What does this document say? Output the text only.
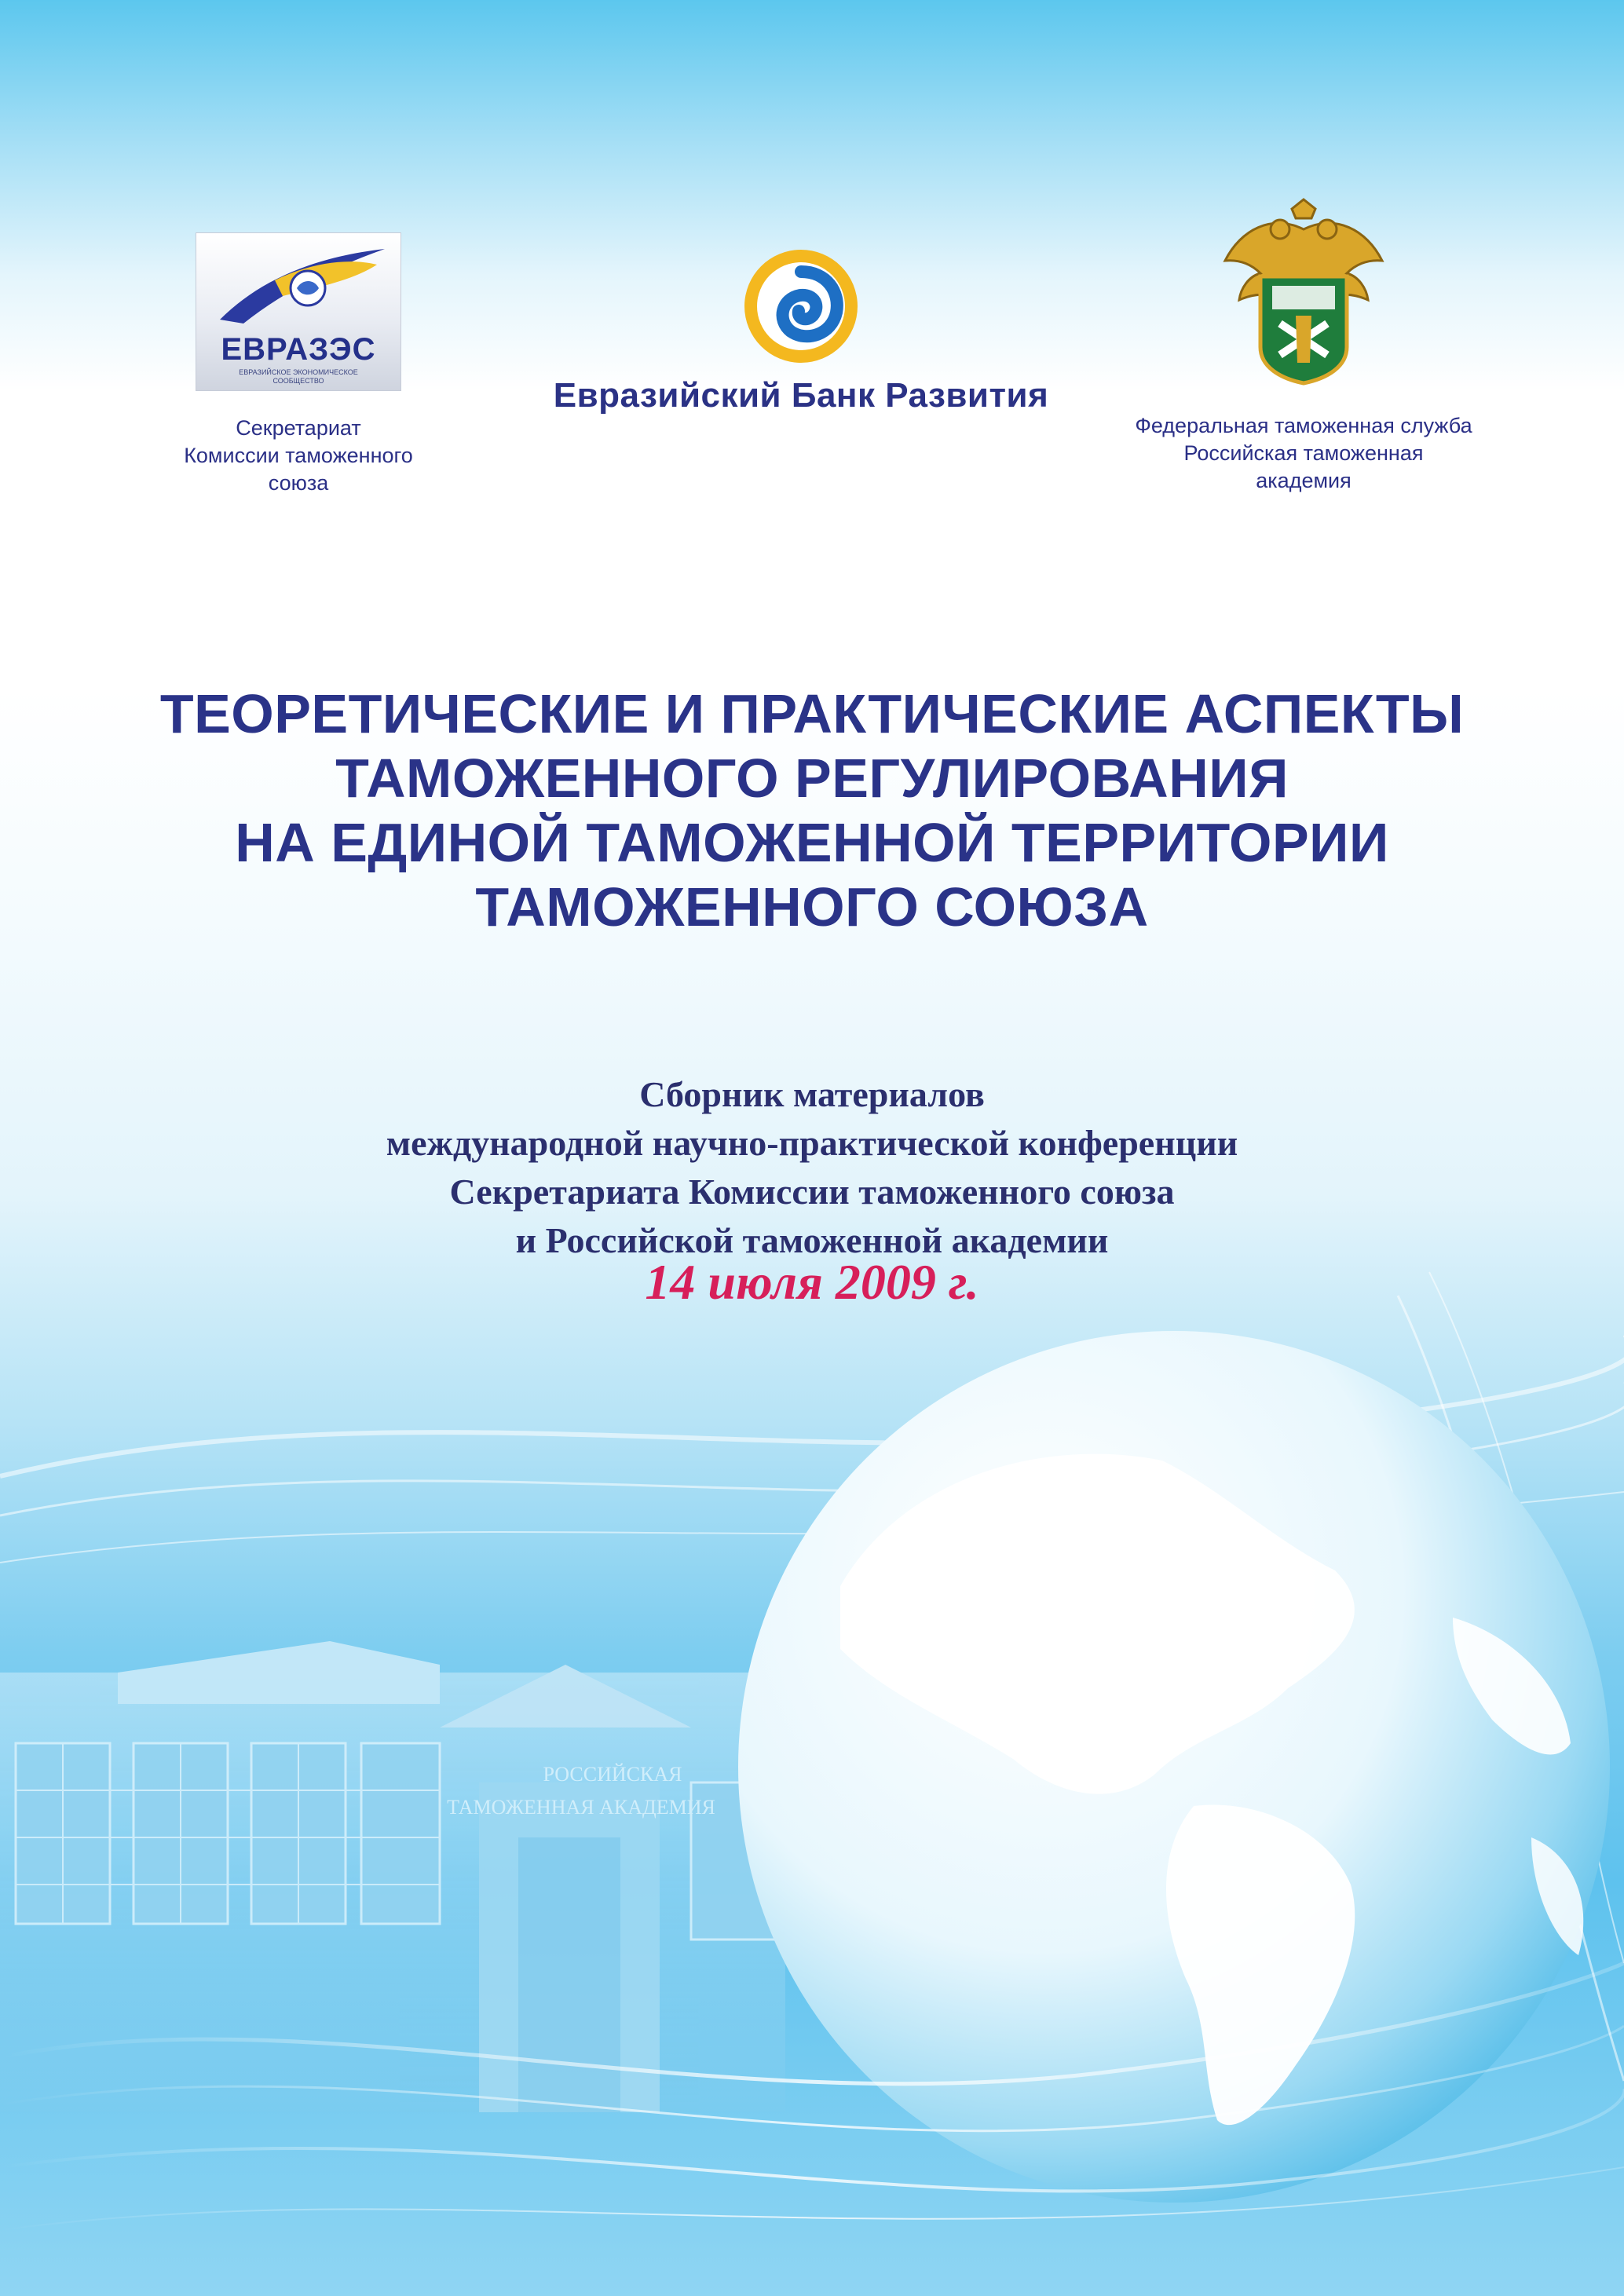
РОССИЙСКАЯ
ТАМОЖЕННАЯ АКАДЕМИЯ
ЕВРАЗЭС
ЕВРАЗИЙСКОЕ ЭКОНОМИЧЕСКОЕ
СООБЩЕСТВО
Секретариат
Комиссии таможенного
союза
Евразийский Банк Развития
Федеральная таможенная служба
Российская таможенная
академия
ТЕОРЕТИЧЕСКИЕ И ПРАКТИЧЕСКИЕ АСПЕКТЫ
ТАМОЖЕННОГО РЕГУЛИРОВАНИЯ
НА ЕДИНОЙ ТАМОЖЕННОЙ ТЕРРИТОРИИ
ТАМОЖЕННОГО СОЮЗА
Сборник материалов
международной научно-практической конференции
Секретариата Комиссии таможенного союза
и Российской таможенной академии
14 июля 2009 г.
